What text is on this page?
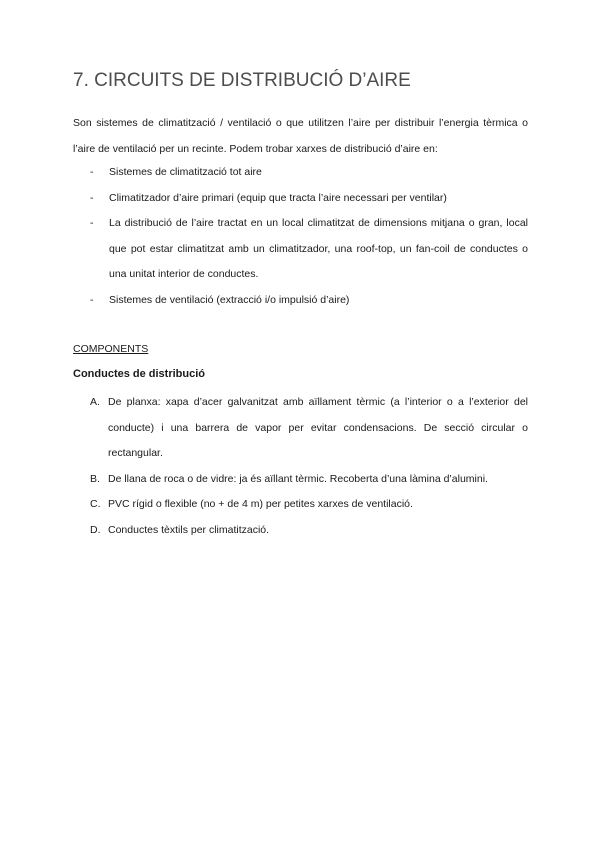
7. CIRCUITS DE DISTRIBUCIÓ D’AIRE

Son sistemes de climatització / ventilació o que utilitzen l’aire per distribuir l’energia tèrmica o l’aire de ventilació per un recinte. Podem trobar xarxes de distribució d’aire en:

- Sistemes de climatització tot aire
- Climatitzador d’aire primari (equip que tracta l’aire necessari per ventilar)
- La distribució de l’aire tractat en un local climatitzat de dimensions mitjana o gran, local que pot estar climatitzat amb un climatitzador, una roof-top, un fan-coil de conductes o una unitat interior de conductes.
- Sistemes de ventilació (extracció i/o impulsió d’aire)

COMPONENTS

Conductes de distribució

A. De planxa: xapa d’acer galvanitzat amb aïllament tèrmic (a l’interior o a l’exterior del conducte) i una barrera de vapor per evitar condensacions. De secció circular o rectangular.
B. De llana de roca o de vidre: ja és aïllant tèrmic. Recoberta d’una làmina d’alumini.
C. PVC rígid o flexible (no + de 4 m) per petites xarxes de ventilació.
D. Conductes tèxtils per climatització.
